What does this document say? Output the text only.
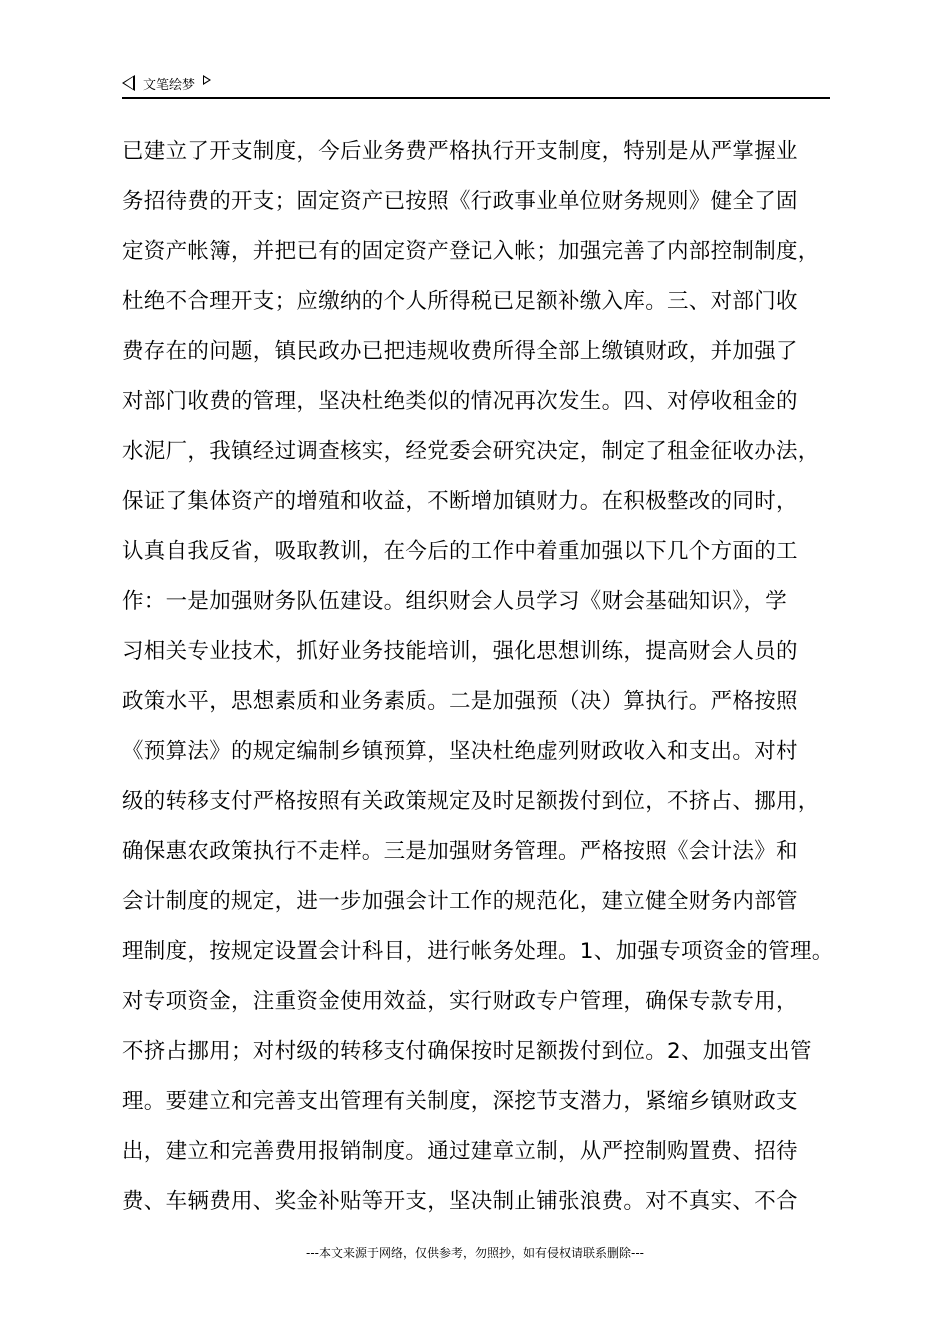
文笔绘梦
已建立了开支制度，今后业务费严格执行开支制度，特别是从严掌握业
务招待费的开支；固定资产已按照《行政事业单位财务规则》健全了固
定资产帐簿，并把已有的固定资产登记入帐；加强完善了内部控制制度，
杜绝不合理开支；应缴纳的个人所得税已足额补缴入库。三、对部门收
费存在的问题，镇民政办已把违规收费所得全部上缴镇财政，并加强了
对部门收费的管理，坚决杜绝类似的情况再次发生。四、对停收租金的
水泥厂，我镇经过调查核实，经党委会研究决定，制定了租金征收办法，
保证了集体资产的增殖和收益，不断增加镇财力。在积极整改的同时，
认真自我反省，吸取教训，在今后的工作中着重加强以下几个方面的工
作：一是加强财务队伍建设。组织财会人员学习《财会基础知识》，学
习相关专业技术，抓好业务技能培训，强化思想训练，提高财会人员的
政策水平，思想素质和业务素质。二是加强预（决）算执行。严格按照
《预算法》的规定编制乡镇预算，坚决杜绝虚列财政收入和支出。对村
级的转移支付严格按照有关政策规定及时足额拨付到位，不挤占、挪用，
确保惠农政策执行不走样。三是加强财务管理。严格按照《会计法》和
会计制度的规定，进一步加强会计工作的规范化，建立健全财务内部管
理制度，按规定设置会计科目，进行帐务处理。1、加强专项资金的管理。
对专项资金，注重资金使用效益，实行财政专户管理，确保专款专用，
不挤占挪用；对村级的转移支付确保按时足额拨付到位。2、加强支出管
理。要建立和完善支出管理有关制度，深挖节支潜力，紧缩乡镇财政支
出，建立和完善费用报销制度。通过建章立制，从严控制购置费、招待
费、车辆费用、奖金补贴等开支，坚决制止铺张浪费。对不真实、不合
---本文来源于网络，仅供参考，勿照抄，如有侵权请联系删除---
